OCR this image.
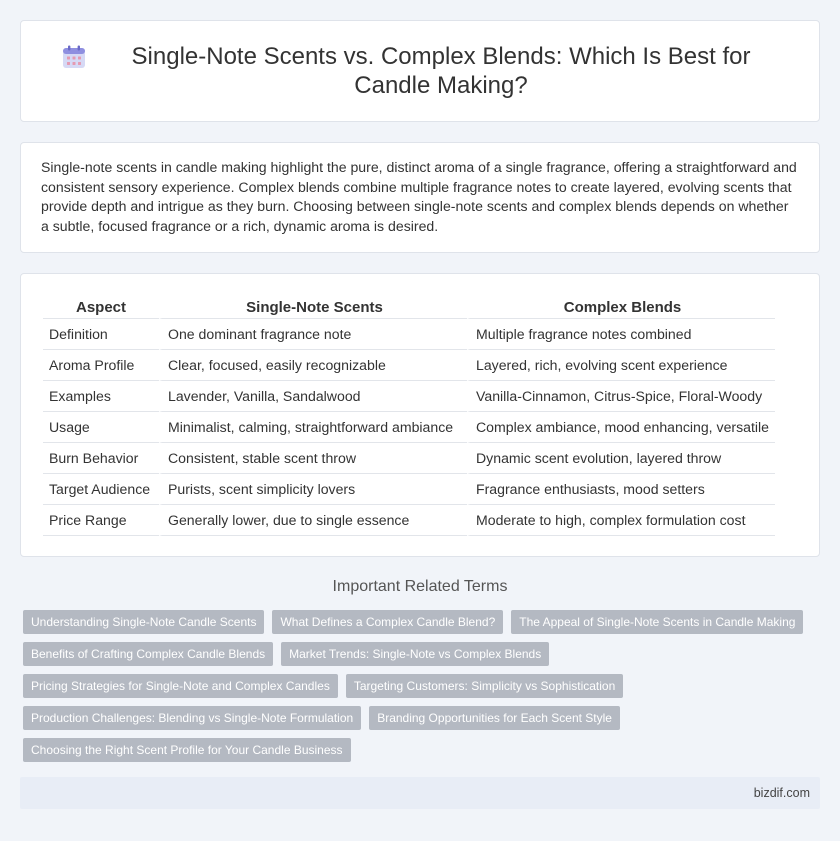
Single-Note Scents vs. Complex Blends: Which Is Best for Candle Making?

Single-note scents in candle making highlight the pure, distinct aroma of a single fragrance, offering a straightforward and consistent sensory experience. Complex blends combine multiple fragrance notes to create layered, evolving scents that provide depth and intrigue as they burn. Choosing between single-note scents and complex blends depends on whether a subtle, focused fragrance or a rich, dynamic aroma is desired.

Aspect	Single-Note Scents	Complex Blends
Definition	One dominant fragrance note	Multiple fragrance notes combined
Aroma Profile	Clear, focused, easily recognizable	Layered, rich, evolving scent experience
Examples	Lavender, Vanilla, Sandalwood	Vanilla-Cinnamon, Citrus-Spice, Floral-Woody
Usage	Minimalist, calming, straightforward ambiance	Complex ambiance, mood enhancing, versatile
Burn Behavior	Consistent, stable scent throw	Dynamic scent evolution, layered throw
Target Audience	Purists, scent simplicity lovers	Fragrance enthusiasts, mood setters
Price Range	Generally lower, due to single essence	Moderate to high, complex formulation cost
Important Related Terms
Understanding Single-Note Candle Scents	What Defines a Complex Candle Blend?	The Appeal of Single-Note Scents in Candle Making
Benefits of Crafting Complex Candle Blends	Market Trends: Single-Note vs Complex Blends
Pricing Strategies for Single-Note and Complex Candles	Targeting Customers: Simplicity vs Sophistication
Production Challenges: Blending vs Single-Note Formulation	Branding Opportunities for Each Scent Style
Choosing the Right Scent Profile for Your Candle Business
bizdif.com
